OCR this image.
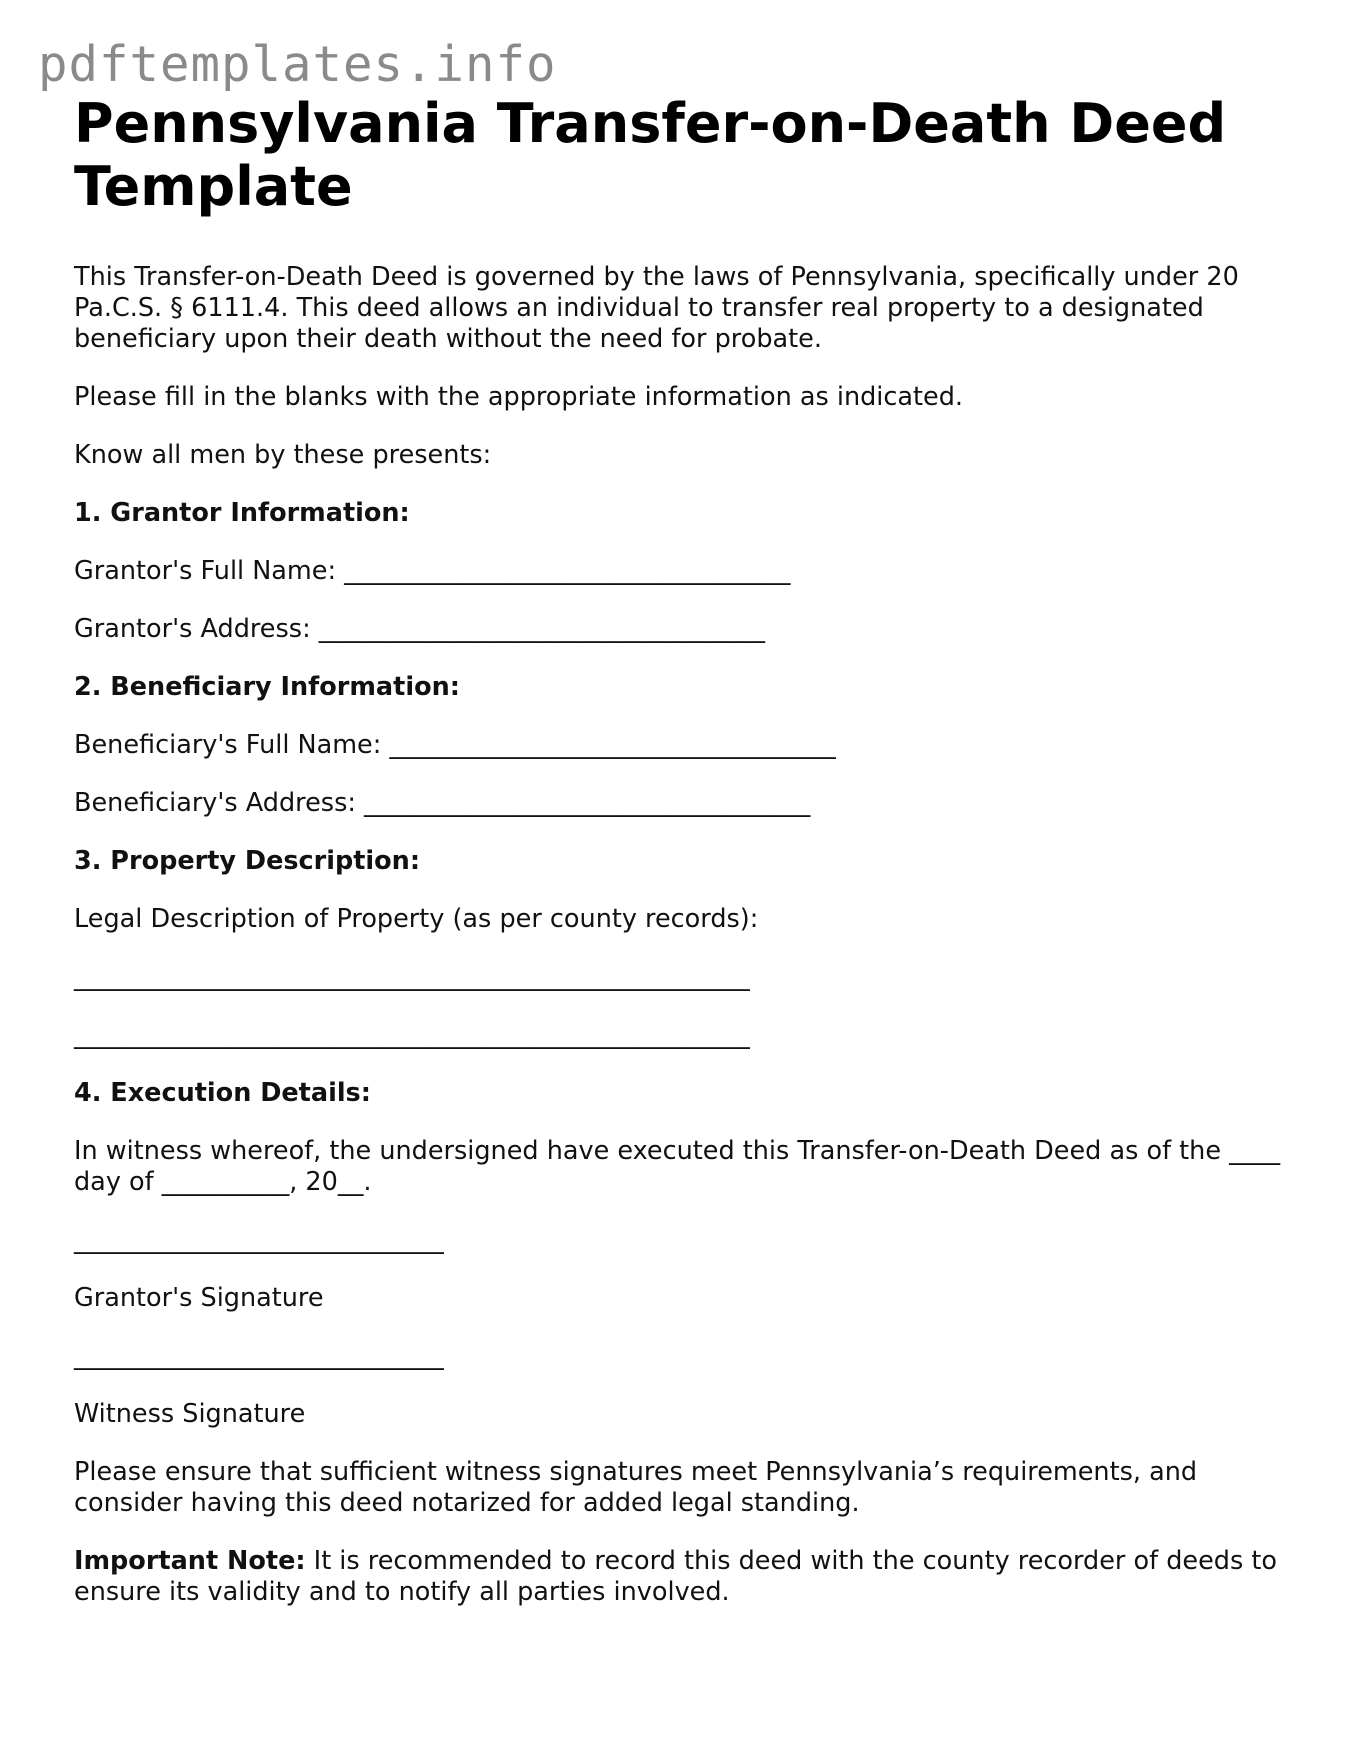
pdftemplates.info
Pennsylvania Transfer-on-Death Deed Template

This Transfer-on-Death Deed is governed by the laws of Pennsylvania, specifically under 20 Pa.C.S. § 6111.4. This deed allows an individual to transfer real property to a designated beneficiary upon their death without the need for probate.

Please fill in the blanks with the appropriate information as indicated.

Know all men by these presents:

1. Grantor Information:

Grantor's Full Name: ___________________________________

Grantor's Address: ___________________________________

2. Beneficiary Information:

Beneficiary's Full Name: ___________________________________

Beneficiary's Address: ___________________________________

3. Property Description:

Legal Description of Property (as per county records):

_____________________________________________________

_____________________________________________________

4. Execution Details:

In witness whereof, the undersigned have executed this Transfer-on-Death Deed as of the ____ day of __________, 20__.

_____________________________

Grantor's Signature

_____________________________

Witness Signature

Please ensure that sufficient witness signatures meet Pennsylvania’s requirements, and consider having this deed notarized for added legal standing.

Important Note: It is recommended to record this deed with the county recorder of deeds to ensure its validity and to notify all parties involved.
